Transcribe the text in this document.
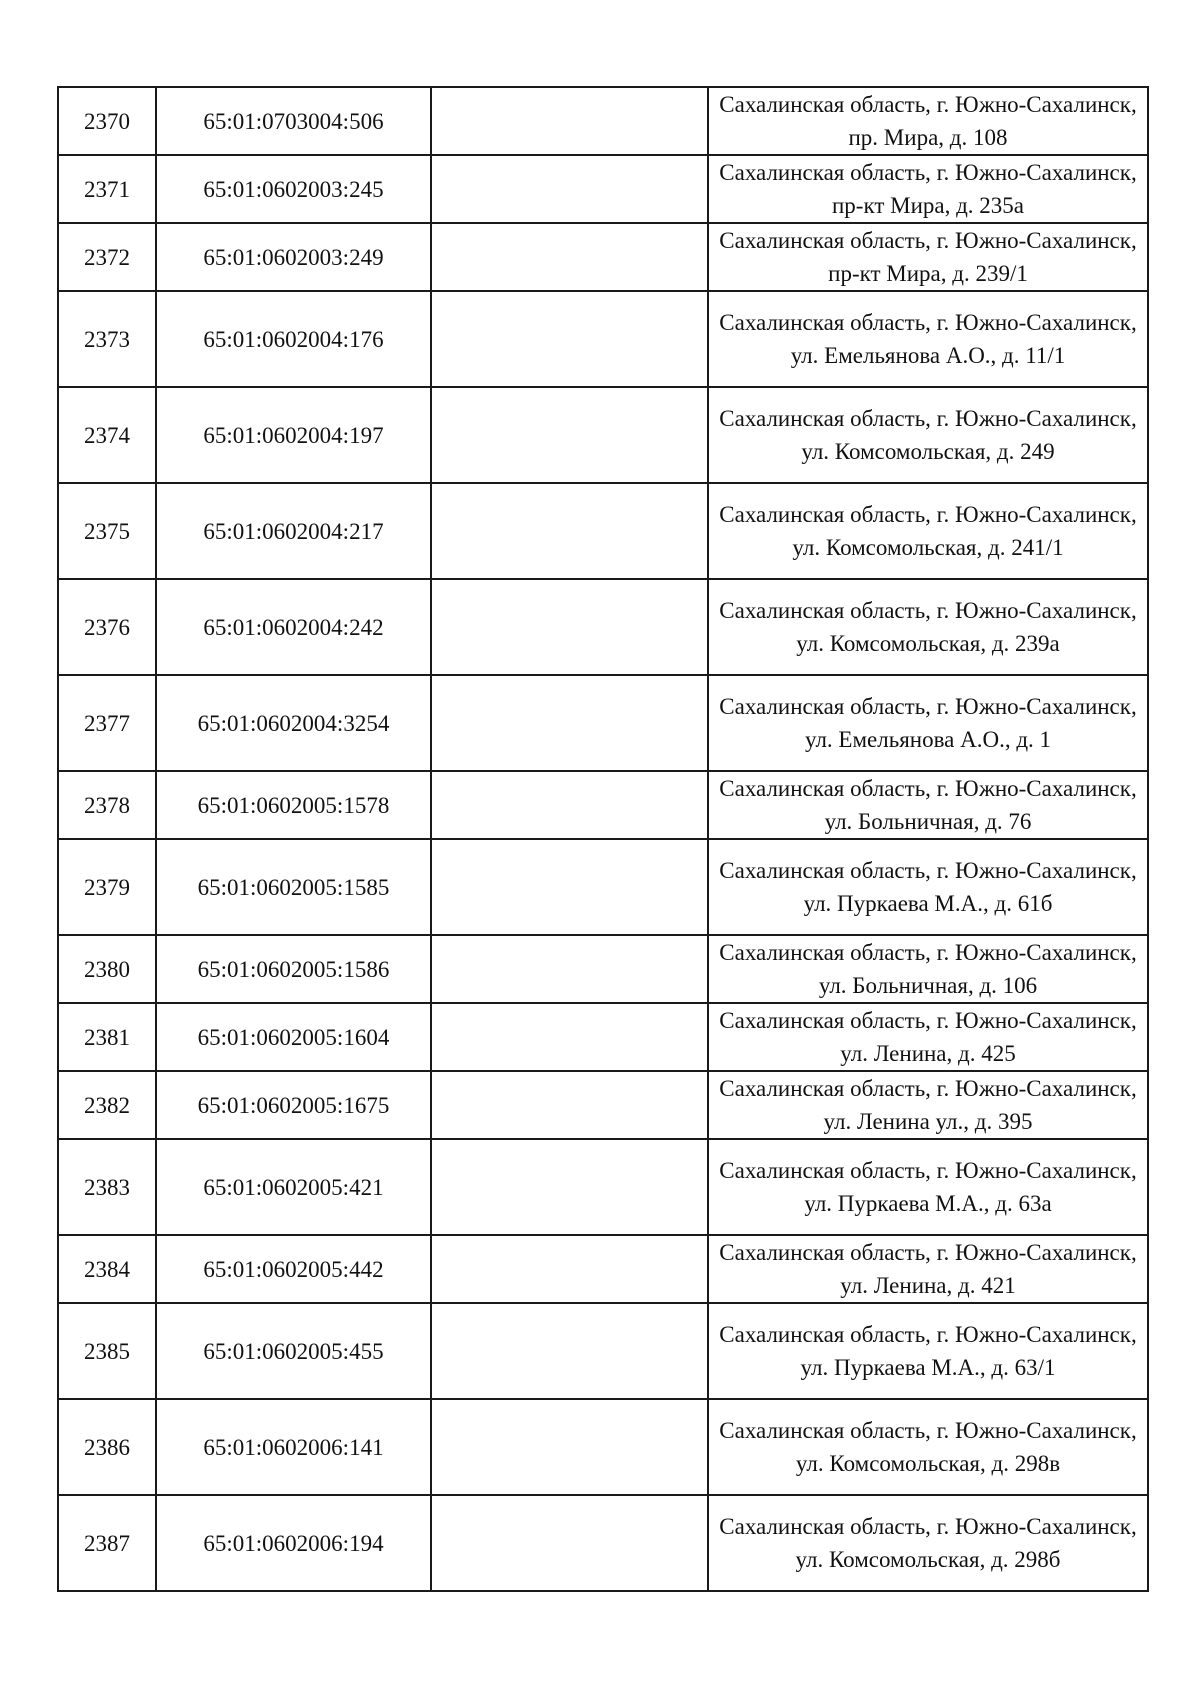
2370	65:01:0703004:506		Сахалинская область, г. Южно-Сахалинск, пр. Мира, д. 108
2371	65:01:0602003:245		Сахалинская область, г. Южно-Сахалинск, пр-кт Мира, д. 235а
2372	65:01:0602003:249		Сахалинская область, г. Южно-Сахалинск, пр-кт Мира, д. 239/1
2373	65:01:0602004:176		Сахалинская область, г. Южно-Сахалинск, ул. Емельянова А.О., д. 11/1
2374	65:01:0602004:197		Сахалинская область, г. Южно-Сахалинск, ул. Комсомольская, д. 249
2375	65:01:0602004:217		Сахалинская область, г. Южно-Сахалинск, ул. Комсомольская, д. 241/1
2376	65:01:0602004:242		Сахалинская область, г. Южно-Сахалинск, ул. Комсомольская, д. 239а
2377	65:01:0602004:3254		Сахалинская область, г. Южно-Сахалинск, ул. Емельянова А.О., д. 1
2378	65:01:0602005:1578		Сахалинская область, г. Южно-Сахалинск, ул. Больничная, д. 76
2379	65:01:0602005:1585		Сахалинская область, г. Южно-Сахалинск, ул. Пуркаева М.А., д. 61б
2380	65:01:0602005:1586		Сахалинская область, г. Южно-Сахалинск, ул. Больничная, д. 106
2381	65:01:0602005:1604		Сахалинская область, г. Южно-Сахалинск, ул. Ленина, д. 425
2382	65:01:0602005:1675		Сахалинская область, г. Южно-Сахалинск, ул. Ленина ул., д. 395
2383	65:01:0602005:421		Сахалинская область, г. Южно-Сахалинск, ул. Пуркаева М.А., д. 63а
2384	65:01:0602005:442		Сахалинская область, г. Южно-Сахалинск, ул. Ленина, д. 421
2385	65:01:0602005:455		Сахалинская область, г. Южно-Сахалинск, ул. Пуркаева М.А., д. 63/1
2386	65:01:0602006:141		Сахалинская область, г. Южно-Сахалинск, ул. Комсомольская, д. 298в
2387	65:01:0602006:194		Сахалинская область, г. Южно-Сахалинск, ул. Комсомольская, д. 298б
